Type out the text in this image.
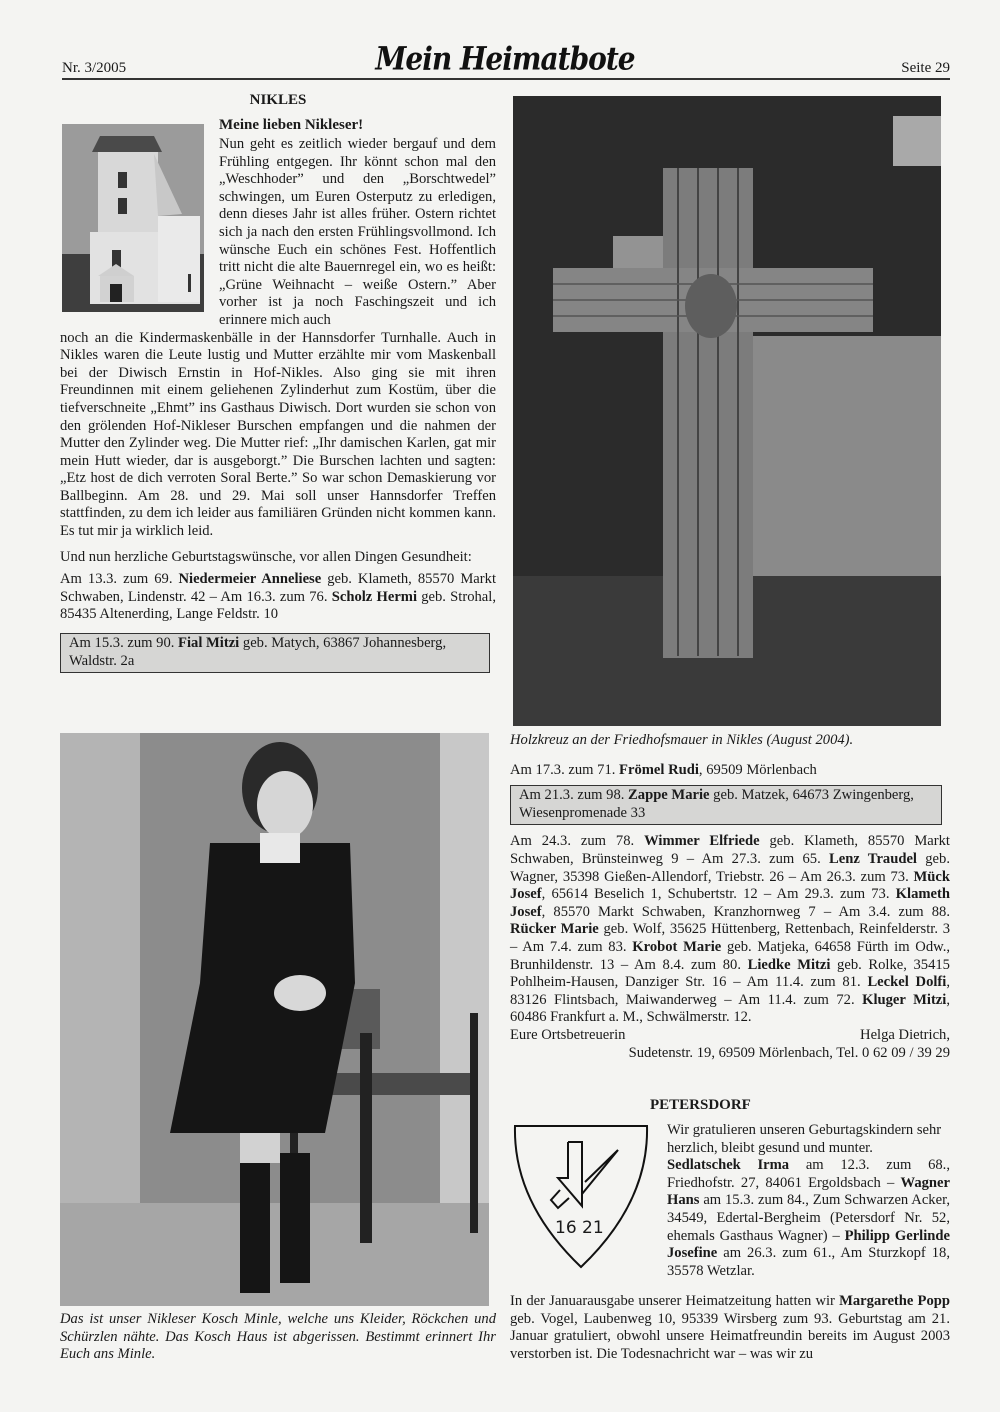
Nr. 3/2005	Mein Heimatbote	Seite 29
NIKLES
Meine lieben Nikleser!

Nun geht es zeitlich wieder bergauf und dem Frühling entgegen. Ihr könnt schon mal den „Weschhoder” und den „Borschtwedel” schwingen, um Euren Osterputz zu erledigen, denn dieses Jahr ist alles früher. Ostern richtet sich ja nach den ersten Frühlingsvollmond. Ich wünsche Euch ein schönes Fest. Hoffentlich tritt nicht die alte Bauernregel ein, wo es heißt: „Grüne Weihnacht – weiße Ostern.” Aber vorher ist ja noch Faschingszeit und ich erinnere mich auch

noch an die Kindermaskenbälle in der Hannsdorfer Turnhalle. Auch in Nikles waren die Leute lustig und Mutter erzählte mir vom Maskenball bei der Diwisch Ernstin in Hof-Nikles. Also ging sie mit ihren Freundinnen mit einem geliehenen Zylinderhut zum Kostüm, über die tiefverschneite „Ehmt” ins Gasthaus Diwisch. Dort wurden sie schon von den grölenden Hof-Nikleser Burschen empfangen und die nahmen der Mutter den Zylinder weg. Die Mutter rief: „Ihr damischen Karlen, gat mir mein Hutt wieder, dar is ausgeborgt.” Die Burschen lachten und sagten: „Etz host de dich verroten Soral Berte.” So war schon Demaskierung vor Ballbeginn. Am 28. und 29. Mai soll unser Hannsdorfer Treffen stattfinden, zu dem ich leider aus familiären Gründen nicht kommen kann. Es tut mir ja wirklich leid.

Und nun herzliche Geburtstagswünsche, vor allen Dingen Gesundheit:

Am 13.3. zum 69. Niedermeier Anneliese geb. Klameth, 85570 Markt Schwaben, Lindenstr. 42 – Am 16.3. zum 76. Scholz Hermi geb. Strohal, 85435 Altenerding, Lange Feldstr. 10

Am 15.3. zum 90. Fial Mitzi geb. Matych, 63867 Johannesberg, Waldstr. 2a
Das ist unser Nikleser Kosch Minle, welche uns Kleider, Röckchen und Schürzlen nähte. Das Kosch Haus ist abgerissen. Bestimmt erinnert Ihr Euch ans Minle.

Holzkreuz an der Friedhofsmauer in Nikles (August 2004).

Am 17.3. zum 71. Frömel Rudi, 69509 Mörlenbach

Am 21.3. zum 98. Zappe Marie geb. Matzek, 64673 Zwingenberg, Wiesenpromenade 33

Am 24.3. zum 78. Wimmer Elfriede geb. Klameth, 85570 Markt Schwaben, Brünsteinweg 9 – Am 27.3. zum 65. Lenz Traudel geb. Wagner, 35398 Gießen-Allendorf, Triebstr. 26 – Am 26.3. zum 73. Mück Josef, 65614 Beselich 1, Schubertstr. 12 – Am 29.3. zum 73. Klameth Josef, 85570 Markt Schwaben, Kranzhornweg 7 – Am 3.4. zum 88. Rücker Marie geb. Wolf, 35625 Hüttenberg, Rettenbach, Reinfelderstr. 3 – Am 7.4. zum 83. Krobot Marie geb. Matjeka, 64658 Fürth im Odw., Brunhildenstr. 13 – Am 8.4. zum 80. Liedke Mitzi geb. Rolke, 35415 Pohlheim-Hausen, Danziger Str. 16 – Am 11.4. zum 81. Leckel Dolfi, 83126 Flintsbach, Maiwanderweg – Am 11.4. zum 72. Kluger Mitzi, 60486 Frankfurt a. M., Schwälmerstr. 12.

Eure Ortsbetreuerin	Helga Dietrich,
Sudetenstr. 19, 69509 Mörlenbach, Tel. 0 62 09 / 39 29
PETERSDORF
16 21

Wir gratulieren unseren Geburtagskindern sehr herzlich, bleibt gesund und munter.

Sedlatschek Irma am 12.3. zum 68., Friedhofstr. 27, 84061 Ergoldsbach – Wagner Hans am 15.3. zum 84., Zum Schwarzen Acker, 34549, Edertal-Bergheim (Petersdorf Nr. 52, ehemals Gasthaus Wagner) – Philipp Gerlinde Josefine am 26.3. zum 61., Am Sturzkopf 18, 35578 Wetzlar.

In der Januarausgabe unserer Heimatzeitung hatten wir Margarethe Popp geb. Vogel, Laubenweg 10, 95339 Wirsberg zum 93. Geburtstag am 21. Januar gratuliert, obwohl unsere Heimatfreundin bereits im August 2003 verstorben ist. Die Todesnachricht war – was wir zu
